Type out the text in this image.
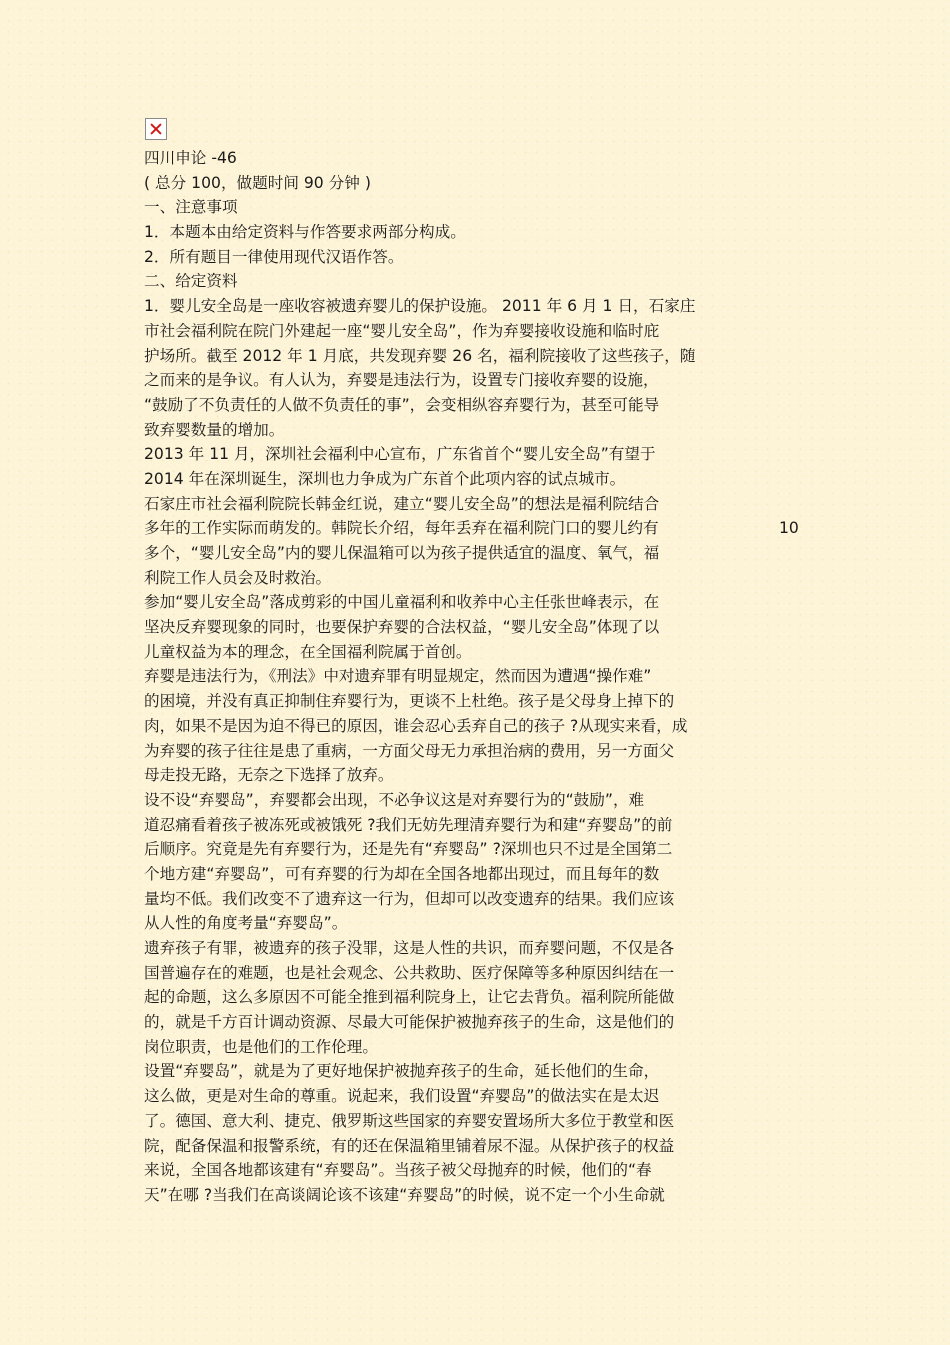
四川申论 -46
( 总分 100，做题时间 90 分钟 )
一、注意事项
1．本题本由给定资料与作答要求两部分构成。
2．所有题目一律使用现代汉语作答。
二、给定资料
1．婴儿安全岛是一座收容被遗弃婴儿的保护设施。 2011 年 6 月 1 日，石家庄
市社会福利院在院门外建起一座“婴儿安全岛”，作为弃婴接收设施和临时庇
护场所。截至 2012 年 1 月底，共发现弃婴 26 名，福利院接收了这些孩子，随
之而来的是争议。有人认为，弃婴是违法行为，设置专门接收弃婴的设施，
“鼓励了不负责任的人做不负责任的事”，会变相纵容弃婴行为，甚至可能导
致弃婴数量的增加。
2013 年 11 月，深圳社会福利中心宣布，广东省首个“婴儿安全岛”有望于
2014 年在深圳诞生，深圳也力争成为广东首个此项内容的试点城市。
石家庄市社会福利院院长韩金红说，建立“婴儿安全岛”的想法是福利院结合
多年的工作实际而萌发的。韩院长介绍，每年丢弃在福利院门口的婴儿约有	10
多个，“婴儿安全岛”内的婴儿保温箱可以为孩子提供适宜的温度、氧气，福
利院工作人员会及时救治。
参加“婴儿安全岛”落成剪彩的中国儿童福利和收养中心主任张世峰表示，在
坚决反弃婴现象的同时，也要保护弃婴的合法权益，“婴儿安全岛”体现了以
儿童权益为本的理念，在全国福利院属于首创。
弃婴是违法行为，《刑法》中对遗弃罪有明显规定，然而因为遭遇“操作难”
的困境，并没有真正抑制住弃婴行为，更谈不上杜绝。孩子是父母身上掉下的
肉，如果不是因为迫不得已的原因，谁会忍心丢弃自己的孩子 ?从现实来看，成
为弃婴的孩子往往是患了重病，一方面父母无力承担治病的费用，另一方面父
母走投无路，无奈之下选择了放弃。
设不设“弃婴岛”，弃婴都会出现，不必争议这是对弃婴行为的“鼓励”，难
道忍痛看着孩子被冻死或被饿死 ?我们无妨先理清弃婴行为和建“弃婴岛”的前
后顺序。究竟是先有弃婴行为，还是先有“弃婴岛” ?深圳也只不过是全国第二
个地方建“弃婴岛”，可有弃婴的行为却在全国各地都出现过，而且每年的数
量均不低。我们改变不了遗弃这一行为，但却可以改变遗弃的结果。我们应该
从人性的角度考量“弃婴岛”。
遗弃孩子有罪，被遗弃的孩子没罪，这是人性的共识，而弃婴问题，不仅是各
国普遍存在的难题，也是社会观念、公共救助、医疗保障等多种原因纠结在一
起的命题，这么多原因不可能全推到福利院身上，让它去背负。福利院所能做
的，就是千方百计调动资源、尽最大可能保护被抛弃孩子的生命，这是他们的
岗位职责，也是他们的工作伦理。
设置“弃婴岛”，就是为了更好地保护被抛弃孩子的生命，延长他们的生命，
这么做，更是对生命的尊重。说起来，我们设置“弃婴岛”的做法实在是太迟
了。德国、意大利、捷克、俄罗斯这些国家的弃婴安置场所大多位于教堂和医
院，配备保温和报警系统，有的还在保温箱里铺着尿不湿。从保护孩子的权益
来说，全国各地都该建有“弃婴岛”。当孩子被父母抛弃的时候，他们的“春
天”在哪 ?当我们在高谈阔论该不该建“弃婴岛”的时候，说不定一个小生命就
